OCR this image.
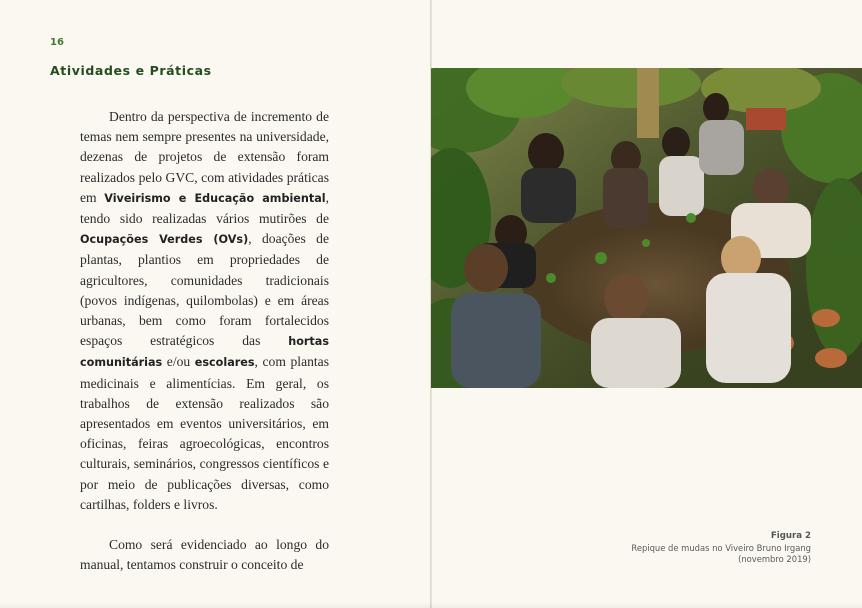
16
Atividades e Práticas

Dentro da perspectiva de incremento de temas nem sempre presentes na universidade, dezenas de projetos de extensão foram realizados pelo GVC, com atividades práticas em Viveirismo e Educação ambiental, tendo sido realizadas vários mutirões de Ocupações Verdes (OVs), doações de plantas, plantios em propriedades de agricultores, comunidades tradicionais (povos indígenas, quilombolas) e em áreas urbanas, bem como foram fortalecidos espaços estratégicos das hortas comunitárias e/ou escolares, com plantas medicinais e alimentícias. Em geral, os trabalhos de extensão realizados são apresentados em eventos universitários, em oficinas, feiras agroecológicas, encontros culturais, seminários, congressos científicos e por meio de publicações diversas, como cartilhas, folders e livros.

Como será evidenciado ao longo do manual, tentamos construir o conceito de

Figura 2
Repique de mudas no Viveiro Bruno Irgang
(novembro 2019)
